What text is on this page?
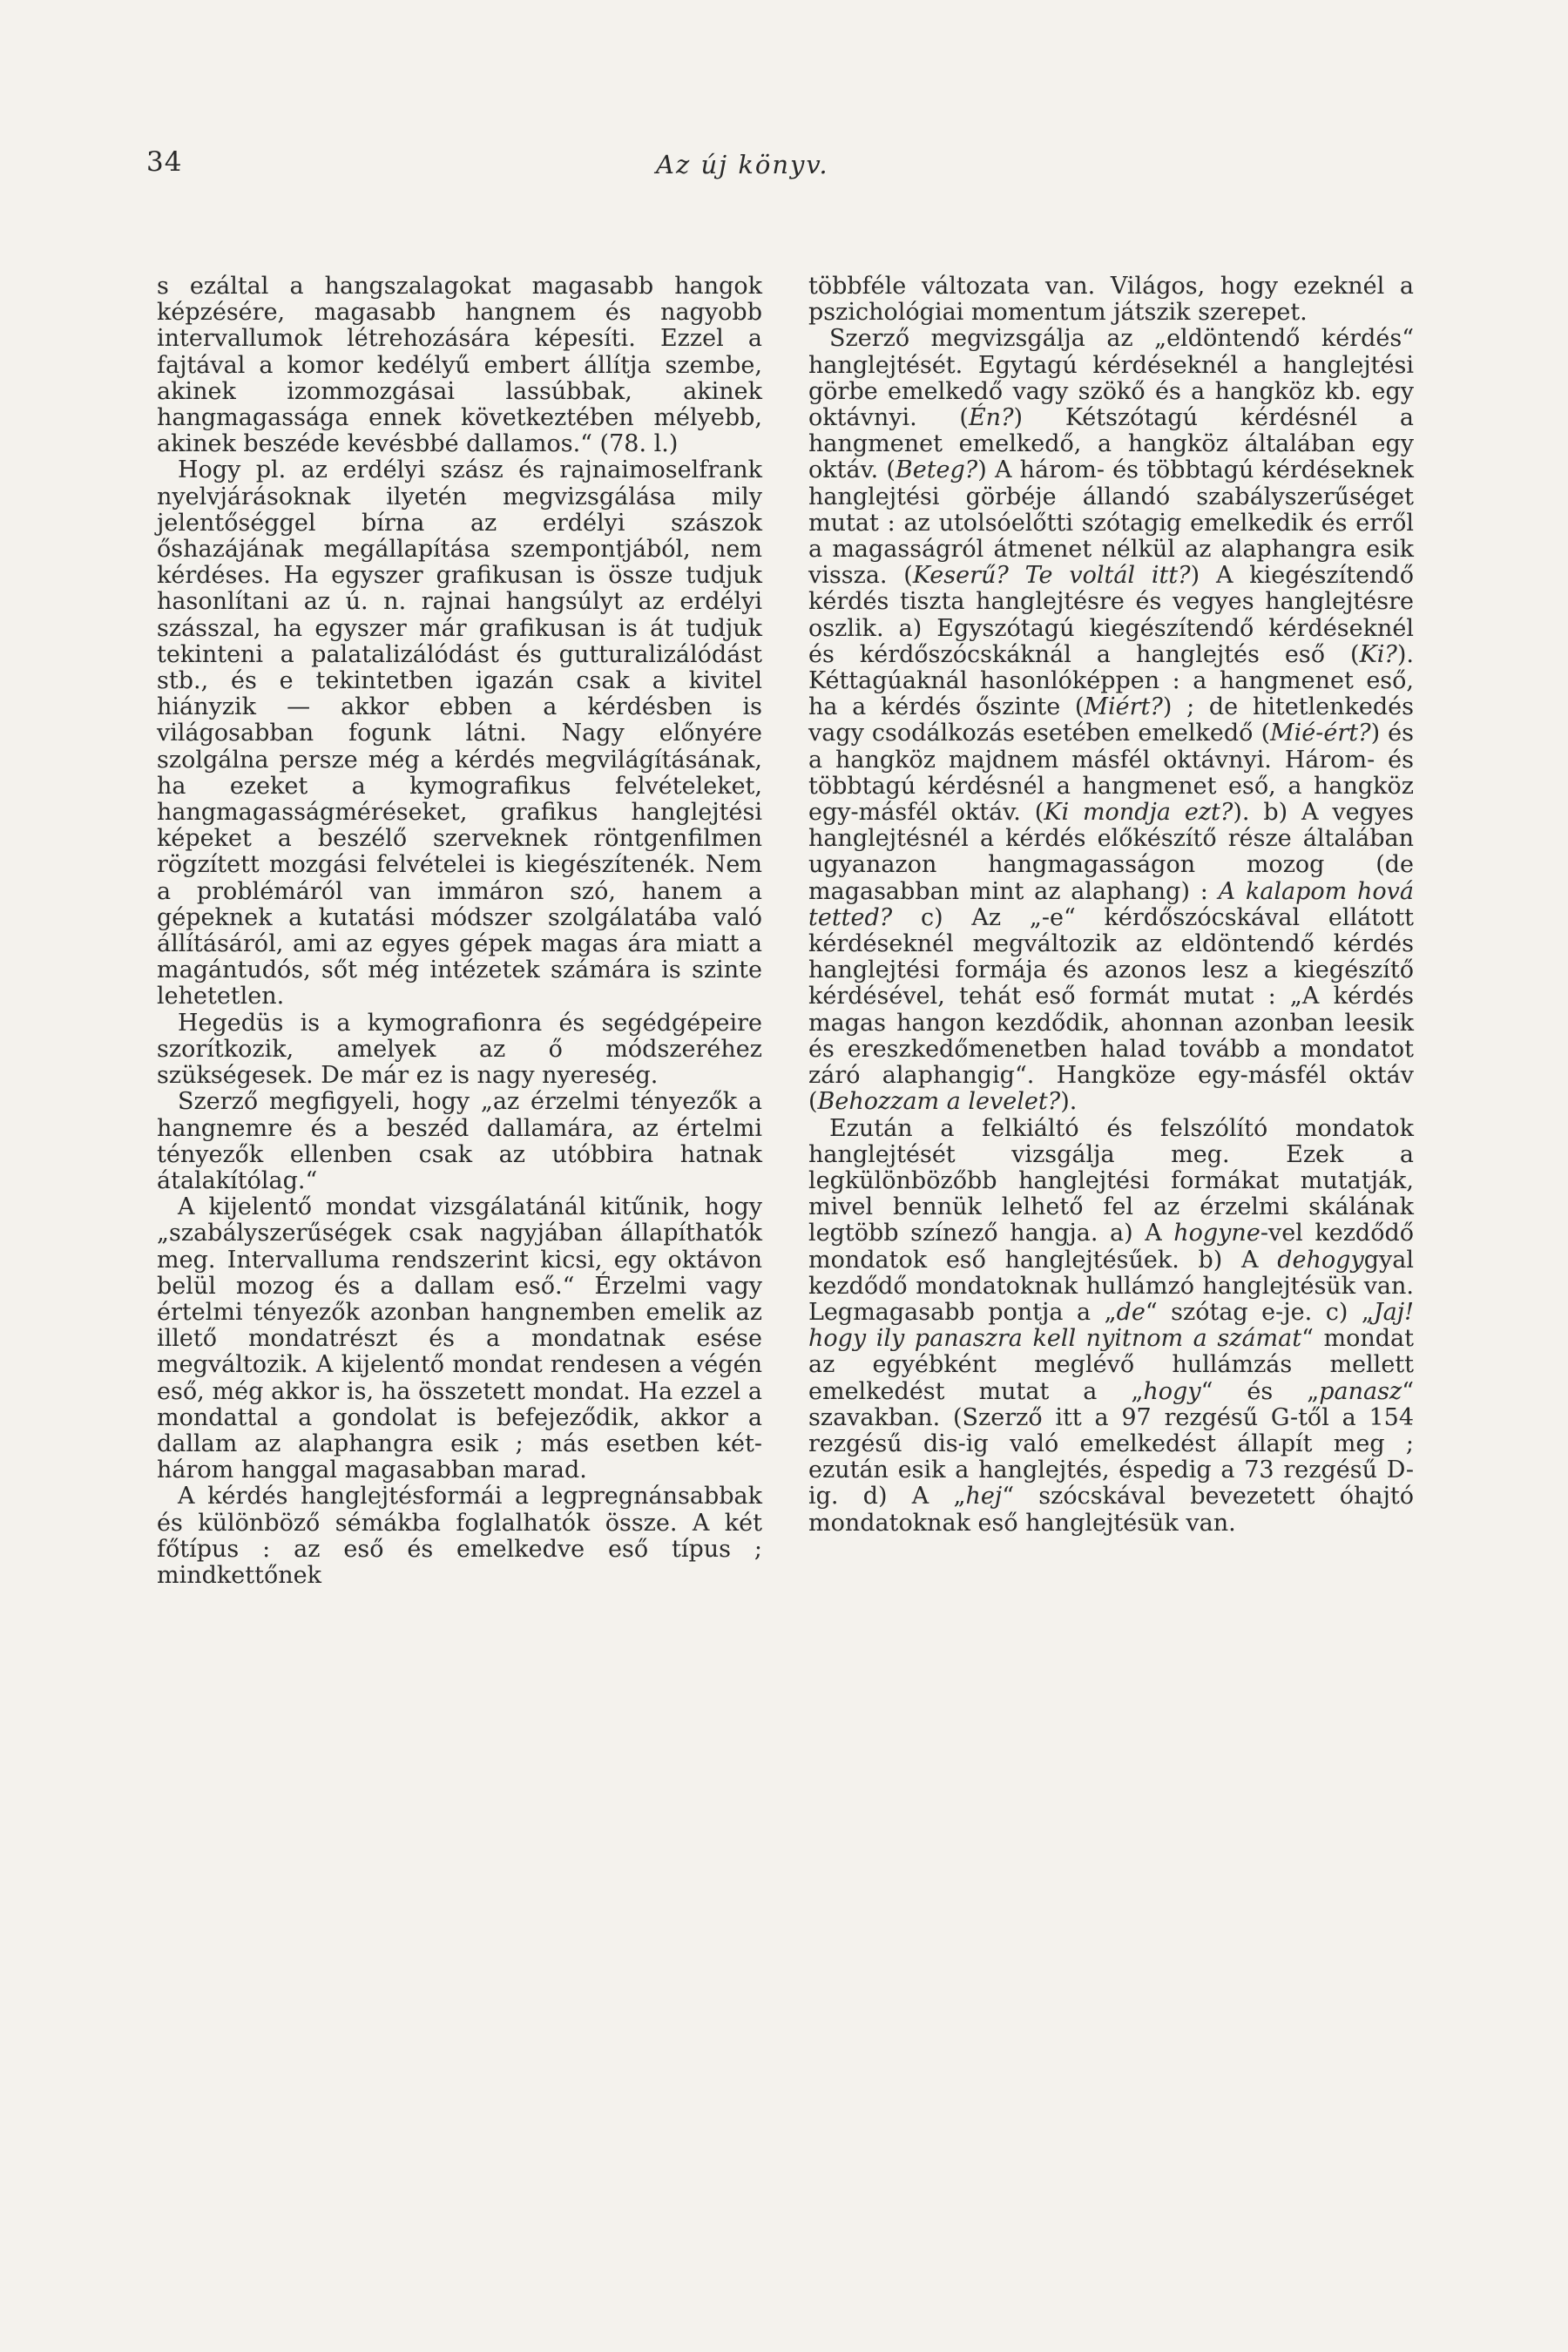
34	Az új könyv.

s ezáltal a hangszalagokat magasabb hangok képzésére, magasabb hangnem és nagyobb intervallumok létrehozására képesíti. Ezzel a fajtával a komor kedélyű embert állítja szembe, akinek izommozgásai lassúbbak, akinek hangmagassága ennek következtében mélyebb, akinek beszéde kevésbbé dallamos.“ (78. l.)

Hogy pl. az erdélyi szász és rajnaimoselfrank nyelvjárásoknak ilyetén megvizsgálása mily jelentőséggel bírna az erdélyi szászok őshazájának megállapítása szempontjából, nem kérdéses. Ha egyszer grafikusan is össze tudjuk hasonlítani az ú. n. rajnai hangsúlyt az erdélyi szásszal, ha egyszer már grafikusan is át tudjuk tekinteni a palatalizálódást és gutturalizálódást stb., és e tekintetben igazán csak a kivitel hiányzik — akkor ebben a kérdésben is világosabban fogunk látni. Nagy előnyére szolgálna persze még a kérdés megvilágításának, ha ezeket a kymografikus felvételeket, hangmagasságméréseket, grafikus hanglejtési képeket a beszélő szerveknek röntgenfilmen rögzített mozgási felvételei is kiegészítenék. Nem a problémáról van immáron szó, hanem a gépeknek a kutatási módszer szolgálatába való állításáról, ami az egyes gépek magas ára miatt a magántudós, sőt még intézetek számára is szinte lehetetlen.

Hegedüs is a kymografionra és segédgépeire szorítkozik, amelyek az ő módszeréhez szükségesek. De már ez is nagy nyereség.

Szerző megfigyeli, hogy „az érzelmi tényezők a hangnemre és a beszéd dallamára, az értelmi tényezők ellenben csak az utóbbira hatnak átalakítólag.“

A kijelentő mondat vizsgálatánál kitűnik, hogy „szabályszerűségek csak nagyjában állapíthatók meg. Intervalluma rendszerint kicsi, egy oktávon belül mozog és a dallam eső.“ Érzelmi vagy értelmi tényezők azonban hangnemben emelik az illető mondatrészt és a mondatnak esése megváltozik. A kijelentő mondat rendesen a végén eső, még akkor is, ha összetett mondat. Ha ezzel a mondattal a gondolat is befejeződik, akkor a dallam az alaphangra esik ; más esetben két-három hanggal magasabban marad.

A kérdés hanglejtésformái a legpregnánsabbak és különböző sémákba foglalhatók össze. A két főtípus : az eső és emelkedve eső típus ; mindkettőnek

többféle változata van. Világos, hogy ezeknél a pszichológiai momentum játszik szerepet.

Szerző megvizsgálja az „eldöntendő kérdés“ hanglejtését. Egytagú kérdéseknél a hanglejtési görbe emelkedő vagy szökő és a hangköz kb. egy oktávnyi. (Én?) Kétszótagú kérdésnél a hangmenet emelkedő, a hangköz általában egy oktáv. (Beteg?) A három- és többtagú kérdéseknek hanglejtési görbéje állandó szabályszerűséget mutat : az utolsóelőtti szótagig emelkedik és erről a magasságról átmenet nélkül az alaphangra esik vissza. (Keserű? Te voltál itt?) A kiegészítendő kérdés tiszta hanglejtésre és vegyes hanglejtésre oszlik. a) Egyszótagú kiegészítendő kérdéseknél és kérdőszócskáknál a hanglejtés eső (Ki?). Kéttagúaknál hasonlóképpen : a hangmenet eső, ha a kérdés őszinte (Miért?) ; de hitetlenkedés vagy csodálkozás esetében emelkedő (Mié-ért?) és a hangköz majdnem másfél oktávnyi. Három- és többtagú kérdésnél a hangmenet eső, a hangköz egy-másfél oktáv. (Ki mondja ezt?). b) A vegyes hanglejtésnél a kérdés előkészítő része általában ugyanazon hangmagasságon mozog (de magasabban mint az alaphang) : A kalapom hová tetted? c) Az „-e“ kérdőszócskával ellátott kérdéseknél megváltozik az eldöntendő kérdés hanglejtési formája és azonos lesz a kiegészítő kérdésével, tehát eső formát mutat : „A kérdés magas hangon kezdődik, ahonnan azonban leesik és ereszkedőmenetben halad tovább a mondatot záró alaphangig“. Hangköze egy-másfél oktáv (Behozzam a levelet?).

Ezután a felkiáltó és felszólító mondatok hanglejtését vizsgálja meg. Ezek a legkülönbözőbb hanglejtési formákat mutatják, mivel bennük lelhető fel az érzelmi skálának legtöbb színező hangja. a) A hogyne-vel kezdődő mondatok eső hanglejtésűek. b) A dehogygyal kezdődő mondatoknak hullámzó hanglejtésük van. Legmagasabb pontja a „de“ szótag e-je. c) „Jaj! hogy ily panaszra kell nyitnom a számat“ mondat az egyébként meglévő hullámzás mellett emelkedést mutat a „hogy“ és „panasz“ szavakban. (Szerző itt a 97 rezgésű G-től a 154 rezgésű dis-ig való emelkedést állapít meg ; ezután esik a hanglejtés, éspedig a 73 rezgésű D-ig. d) A „hej“ szócskával bevezetett óhajtó mondatoknak eső hanglejtésük van.
